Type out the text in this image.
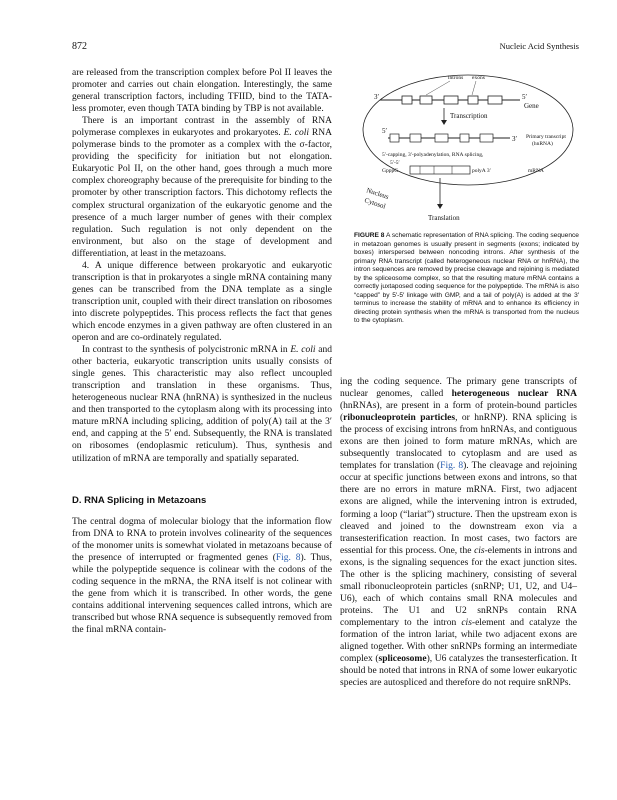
872	Nucleic Acid Synthesis

are released from the transcription complex before Pol II leaves the promoter and carries out chain elongation. Interestingly, the same general transcription factors, including TFIID, bind to the TATA-less promoter, even though TATA binding by TBP is not available.

There is an important contrast in the assembly of RNA polymerase complexes in eukaryotes and prokaryotes. E. coli RNA polymerase binds to the promoter as a complex with the σ-factor, providing the specificity for initiation but not elongation. Eukaryotic Pol II, on the other hand, goes through a much more complex choreography because of the prerequisite for binding to the promoter by other transcription factors. This dichotomy reflects the complex structural organization of the eukaryotic genome and the presence of a much larger number of genes with their complex regulation. Such regulation is not only dependent on the environment, but also on the stage of development and differentiation, at least in the metazoans.

4. A unique difference between prokaryotic and eukaryotic transcription is that in prokaryotes a single mRNA containing many genes can be transcribed from the DNA template as a single transcription unit, coupled with their direct translation on ribosomes into discrete polypeptides. This process reflects the fact that genes which encode enzymes in a given pathway are often clustered in an operon and are co-ordinately regulated.

In contrast to the synthesis of polycistronic mRNA in E. coli and other bacteria, eukaryotic transcription units usually consists of single genes. This characteristic may also reflect uncoupled transcription and translation in these organisms. Thus, heterogeneous nuclear RNA (hnRNA) is synthesized in the nucleus and then transported to the cytoplasm along with its processing into mature mRNA including splicing, addition of poly(A) tail at the 3′ end, and capping at the 5′ end. Subsequently, the RNA is translated on ribosomes (endoplasmic reticulum). Thus, synthesis and utilization of mRNA are temporally and spatially separated.

D. RNA Splicing in Metazoans

The central dogma of molecular biology that the information flow from DNA to RNA to protein involves colinearity of the sequences of the monomer units is somewhat violated in metazoans because of the presence of interrupted or fragmented genes (Fig. 8). Thus, while the polypeptide sequence is colinear with the codons of the coding sequence in the mRNA, the RNA itself is not colinear with the gene from which it is transcribed. In other words, the gene contains additional intervening sequences called introns, which are transcribed but whose RNA sequence is subsequently removed from the final mRNA contain-

introns exons
3′	5′
Gene
Transcription
5′
3′ Primary transcript
(hnRNA)
5′-capping, 3′-polyadenylation, RNA splicing,
5′-5′
GpppG	polyA 3′	mRNA
Nucleus
Cytosol
Translation
FIGURE 8 A schematic representation of RNA splicing. The coding sequence in metazoan genomes is usually present in segments (exons; indicated by boxes) interspersed between noncoding introns. After synthesis of the primary RNA transcript (called heterogeneous nuclear RNA or hnRNA), the intron sequences are removed by precise cleavage and rejoining is mediated by the spliceosome complex, so that the resulting mature mRNA contains a correctly juxtaposed coding sequence for the polypeptide. The mRNA is also “capped” by 5′-5′ linkage with GMP, and a tail of poly(A) is added at the 3′ terminus to increase the stability of mRNA and to enhance its efficiency in directing protein synthesis when the mRNA is transported from the nucleus to the cytoplasm.

ing the coding sequence. The primary gene transcripts of nuclear genomes, called heterogeneous nuclear RNA (hnRNAs), are present in a form of protein-bound particles (ribonucleoprotein particles, or hnRNP). RNA splicing is the process of excising introns from hnRNAs, and contiguous exons are then joined to form mature mRNAs, which are subsequently translocated to cytoplasm and are used as templates for translation (Fig. 8). The cleavage and rejoining occur at specific junctions between exons and introns, so that there are no errors in mature mRNA. First, two adjacent exons are aligned, while the intervening intron is extruded, forming a loop (“lariat”) structure. Then the upstream exon is cleaved and joined to the downstream exon via a transesterification reaction. In most cases, two factors are essential for this process. One, the cis-elements in introns and exons, is the signaling sequences for the exact junction sites. The other is the splicing machinery, consisting of several small ribonucleoprotein particles (snRNP; U1, U2, and U4–U6), each of which contains small RNA molecules and proteins. The U1 and U2 snRNPs contain RNA complementary to the intron cis-element and catalyze the formation of the intron lariat, while two adjacent exons are aligned together. With other snRNPs forming an intermediate complex (spliceosome), U6 catalyzes the transesterfication. It should be noted that introns in RNA of some lower eukaryotic species are autospliced and therefore do not require snRNPs.
